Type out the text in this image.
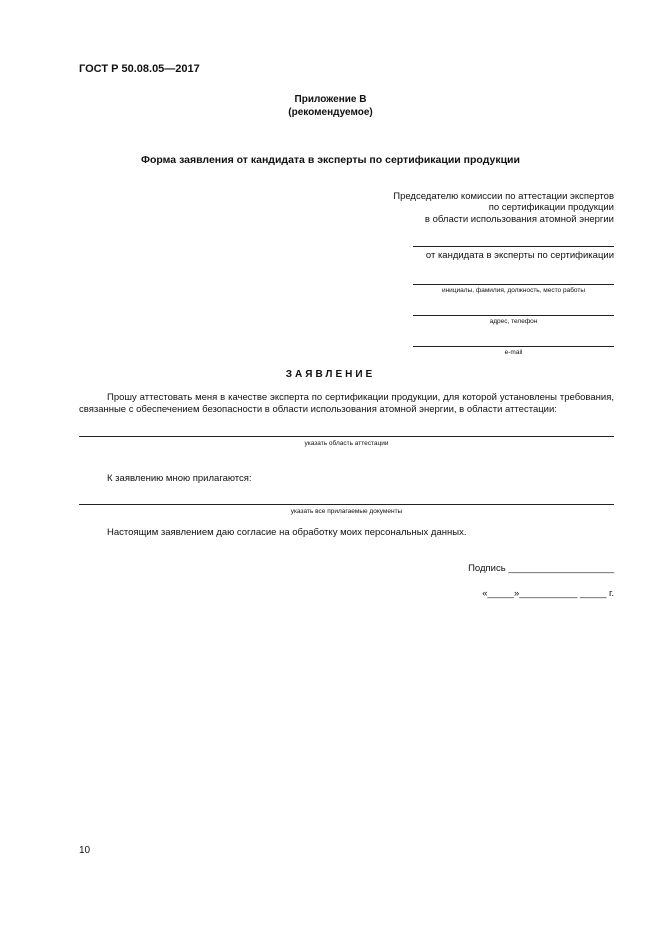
ГОСТ Р 50.08.05—2017
Приложение В
(рекомендуемое)
Форма заявления от кандидата в эксперты по сертификации продукции
Председателю комиссии по аттестации экспертов
по сертификации продукции
в области использования атомной энергии
от кандидата в эксперты по сертификации
инициалы, фамилия, должность, место работы
адрес, телефон
e-mail
ЗАЯВЛЕНИЕ
Прошу аттестовать меня в качестве эксперта по сертификации продукции, для которой установлены требования, связанные с обеспечением безопасности в области использования атомной энергии, в области аттестации:
указать область аттестации
К заявлению мною прилагаются:
указать все прилагаемые документы
Настоящим заявлением даю согласие на обработку моих персональных данных.
Подпись ____________________
«_____»___________ _____ г.
10
